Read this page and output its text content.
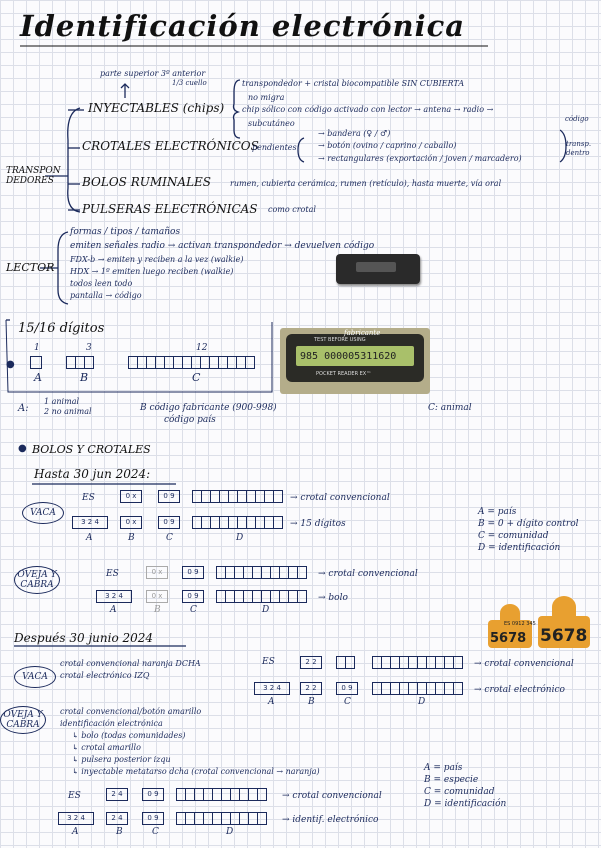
Identificación electrónica
TRANSPON DEDORES
parte superior 3º anterior
1/3 cuello
INYECTABLES (chips)
transpondedor + cristal biocompatible SIN CUBIERTA
no migra
chip sólico con código activado con lector → antena → radio →
subcutáneo	código
CROTALES ELECTRÓNICOS
pendientes
→ bandera (♀ / ♂)
→ botón (ovino / caprino / caballo)
→ rectangulares (exportación / joven / marcadero)
transp. dentro
BOLOS RUMINALES rumen, cubierta cerámica, rumen (retículo), hasta muerte, vía oral
PULSERAS ELECTRÓNICAS como crotal
LECTOR
formas / tipos / tamaños
emiten señales radio → activan transpondedor → devuelven código
FDX-b → emiten y reciben a la vez (walkie)
HDX → 1º emiten luego reciben (walkie)
todos leen todo
pantalla → código
15/16 dígitos
●
1	3	12
A	B	C
TEST BEFORE USING
985 000005311620
POCKET READER EX™
fabricante
A:
1 animal
2 no animal	B código fabricante (900-998)
código país
C: animal
● BOLOS Y CROTALES
Hasta 30 jun 2024:
VACA
ES	0 x	0 9	→ crotal convencional
3 2 4	0 x	0 9	→ 15 dígitos
A	B	C	D
A = país
B = 0 + dígito control
C = comunidad
D = identificación
OVEJA Y CABRA
ES	0 x	0 9	→ crotal convencional
3 2 4	0 x	0 9	→ bolo
A	B	C	D
5678
ES 0912 345
5678
Después 30 junio 2024
VACA
crotal convencional naranja DCHA
crotal electrónico IZQ
ES	2 2	→ crotal convencional
3 2 4	2 2	0 9	→ crotal electrónico
A	B	C	D
OVEJA Y CABRA
crotal convencional/botón amarillo
identificación electrónica
↳ bolo (todas comunidades)
↳ crotal amarillo
↳ pulsera posterior izqu
↳ inyectable metatarso dcha (crotal convencional → naranja)	A = país
B = especie
C = comunidad
D = identificación
ES	2 4	0 9	→ crotal convencional
3 2 4	2 4	0 9	→ identif. electrónico
A	B	C	D
